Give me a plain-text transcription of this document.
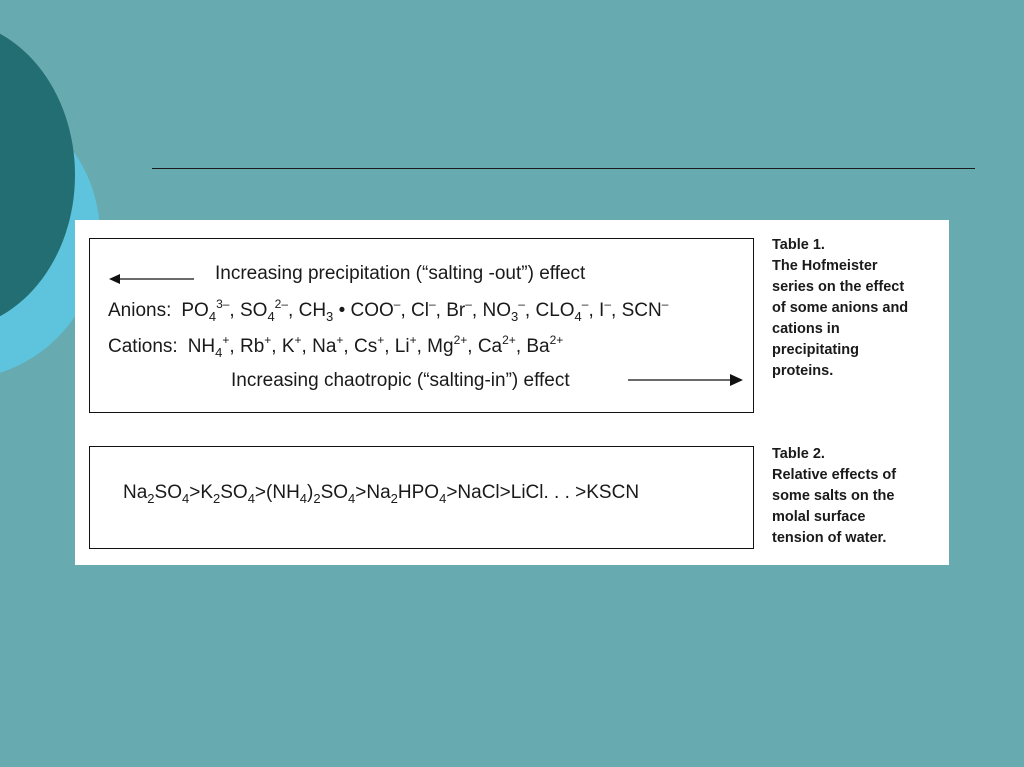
Increasing precipitation (“salting -out”) effect
Anions: $PO_4^{3-}$, $SO_4^{2-}$, $CH_3$ • COO–, Cl–, Br–, $NO_3^-$, $CLO_4^-$, I–, SCN–
Cations: $NH_4^+$, Rb+, K+, Na+, Cs+, Li+, $Mg^{2+}$, $Ca^{2+}$, $Ba^{2+}$
Increasing chaotropic (“salting-in”) effect
Table 1.
The Hofmeister
series on the effect
of some anions and
cations in
precipitating
proteins.
$Na_2SO_4>K_2SO_4>(NH_4)_2SO_4>Na_2HPO_4>NaCl>LiCl$. . . >KSCN
Table 2.
Relative effects of
some salts on the
molal surface
tension of water.
